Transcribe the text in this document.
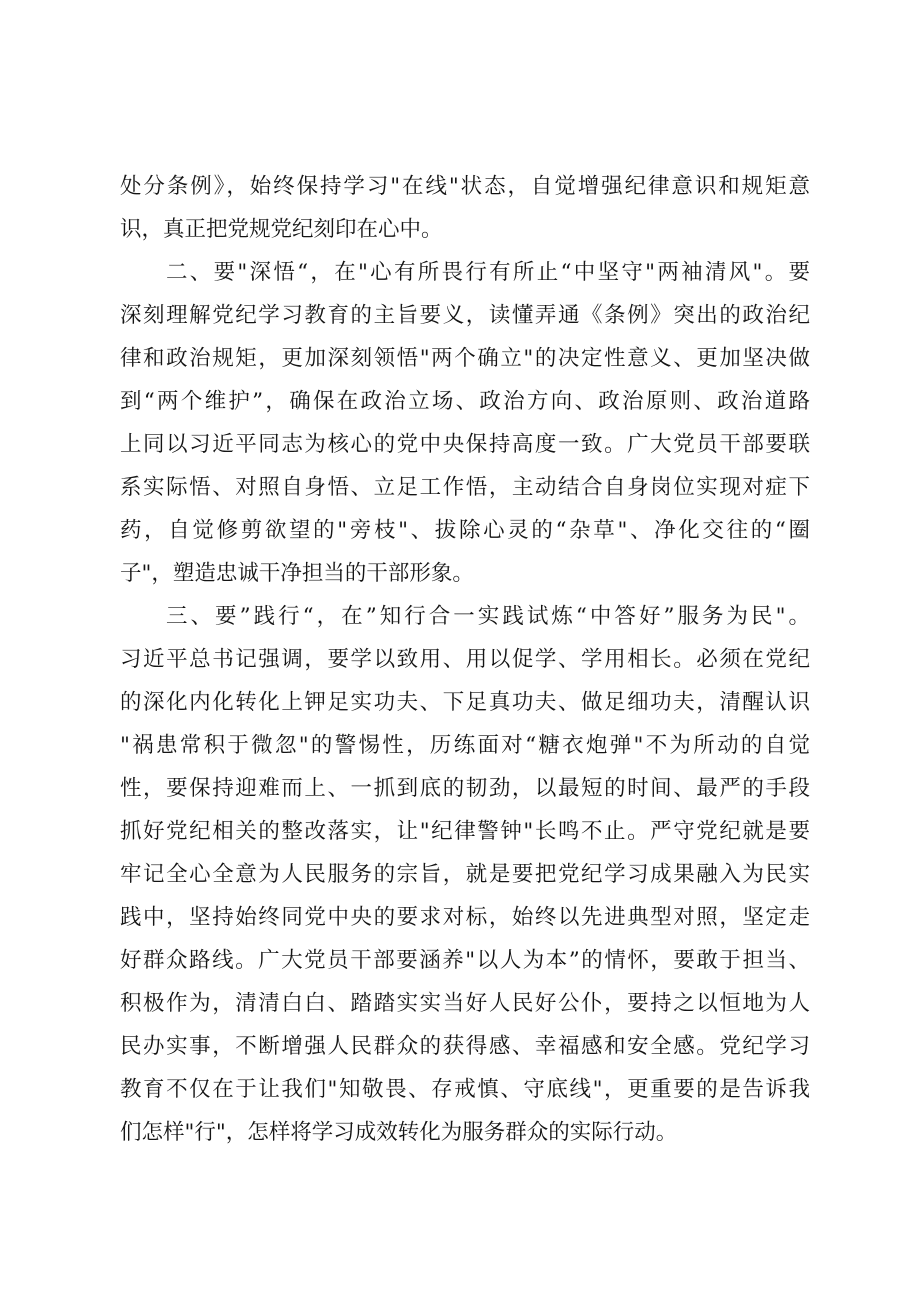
处分条例》，始终保持学习"在线"状态，自觉增强纪律意识和规矩意
识，真正把党规党纪刻印在心中。
二、要"深悟“，在"心有所畏行有所止“中坚守"两袖清风"。要
深刻理解党纪学习教育的主旨要义，读懂弄通《条例》突出的政治纪
律和政治规矩，更加深刻领悟"两个确立"的决定性意义、更加坚决做
到“两个维护”，确保在政治立场、政治方向、政治原则、政治道路
上同以习近平同志为核心的党中央保持高度一致。广大党员干部要联
系实际悟、对照自身悟、立足工作悟，主动结合自身岗位实现对症下
药，自觉修剪欲望的"旁枝"、拔除心灵的“杂草"、净化交往的“圈
子"，塑造忠诚干净担当的干部形象。
三、要”践行“，在”知行合一实践试炼“中答好”服务为民"。
习近平总书记强调，要学以致用、用以促学、学用相长。必须在党纪
的深化内化转化上钾足实功夫、下足真功夫、做足细功夫，清醒认识
"祸患常积于微忽"的警惕性，历练面对“糖衣炮弹"不为所动的自觉
性，要保持迎难而上、一抓到底的韧劲，以最短的时间、最严的手段
抓好党纪相关的整改落实，让"纪律警钟"长鸣不止。严守党纪就是要
牢记全心全意为人民服务的宗旨，就是要把党纪学习成果融入为民实
践中，坚持始终同党中央的要求对标，始终以先进典型对照，坚定走
好群众路线。广大党员干部要涵养"以人为本”的情怀，要敢于担当、
积极作为，清清白白、踏踏实实当好人民好公仆，要持之以恒地为人
民办实事，不断增强人民群众的获得感、幸福感和安全感。党纪学习
教育不仅在于让我们"知敬畏、存戒慎、守底线"，更重要的是告诉我
们怎样"行"，怎样将学习成效转化为服务群众的实际行动。
